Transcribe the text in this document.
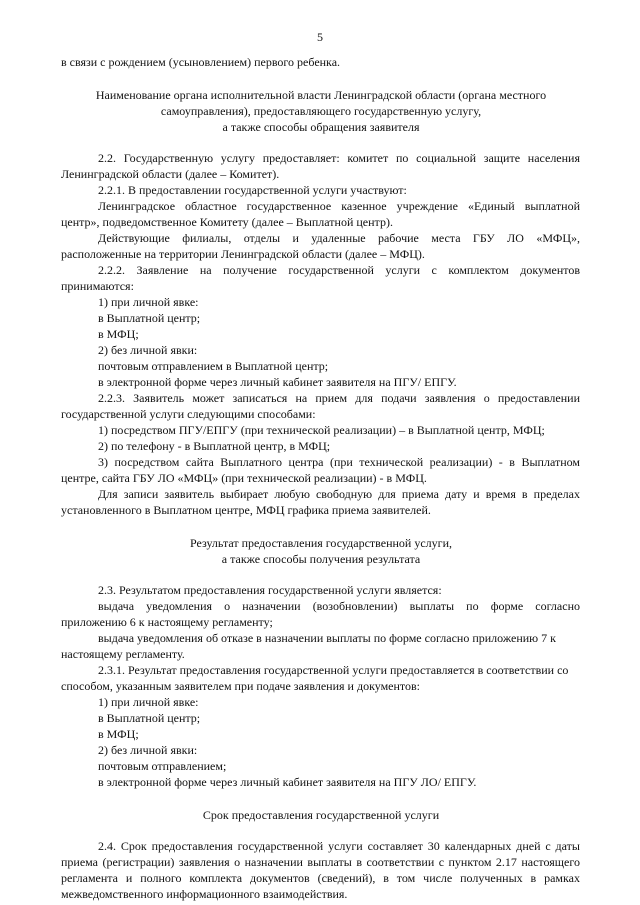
5
в связи с рождением (усыновлением) первого ребенка.
Наименование органа исполнительной власти Ленинградской области (органа местного
самоуправления), предоставляющего государственную услугу,
а также способы обращения заявителя
2.2. Государственную услугу предоставляет: комитет по социальной защите населения
Ленинградской области (далее – Комитет).
2.2.1. В предоставлении государственной услуги участвуют:
Ленинградское областное государственное казенное учреждение «Единый выплатной
центр», подведомственное Комитету (далее – Выплатной центр).
Действующие филиалы, отделы и удаленные рабочие места ГБУ ЛО «МФЦ»,
расположенные на территории Ленинградской области (далее – МФЦ).
2.2.2. Заявление на получение государственной услуги с комплектом документов
принимаются:
1) при личной явке:
в Выплатной центр;
в МФЦ;
2) без личной явки:
почтовым отправлением в Выплатной центр;
в электронной форме через личный кабинет заявителя на ПГУ/ ЕПГУ.
2.2.3. Заявитель может записаться на прием для подачи заявления о предоставлении
государственной услуги следующими способами:
1) посредством ПГУ/ЕПГУ (при технической реализации) – в Выплатной центр, МФЦ;
2) по телефону - в Выплатной центр, в МФЦ;
3) посредством сайта Выплатного центра (при технической реализации) - в Выплатном
центре, сайта ГБУ ЛО «МФЦ» (при технической реализации) - в МФЦ.
Для записи заявитель выбирает любую свободную для приема дату и время в пределах
установленного в Выплатном центре, МФЦ графика приема заявителей.
Результат предоставления государственной услуги,
а также способы получения результата
2.3. Результатом предоставления государственной услуги является:
выдача уведомления о назначении (возобновлении) выплаты по форме согласно
приложению 6 к настоящему регламенту;
выдача уведомления об отказе в назначении выплаты по форме согласно приложению 7 к
настоящему регламенту.
2.3.1. Результат предоставления государственной услуги предоставляется в соответствии со
способом, указанным заявителем при подаче заявления и документов:
1) при личной явке:
в Выплатной центр;
в МФЦ;
2) без личной явки:
почтовым отправлением;
в электронной форме через личный кабинет заявителя на ПГУ ЛО/ ЕПГУ.
Срок предоставления государственной услуги
2.4. Срок предоставления государственной услуги составляет 30 календарных дней с даты
приема (регистрации) заявления о назначении выплаты в соответствии с пунктом 2.17 настоящего
регламента и полного комплекта документов (сведений), в том числе полученных в рамках
межведомственного информационного взаимодействия.
